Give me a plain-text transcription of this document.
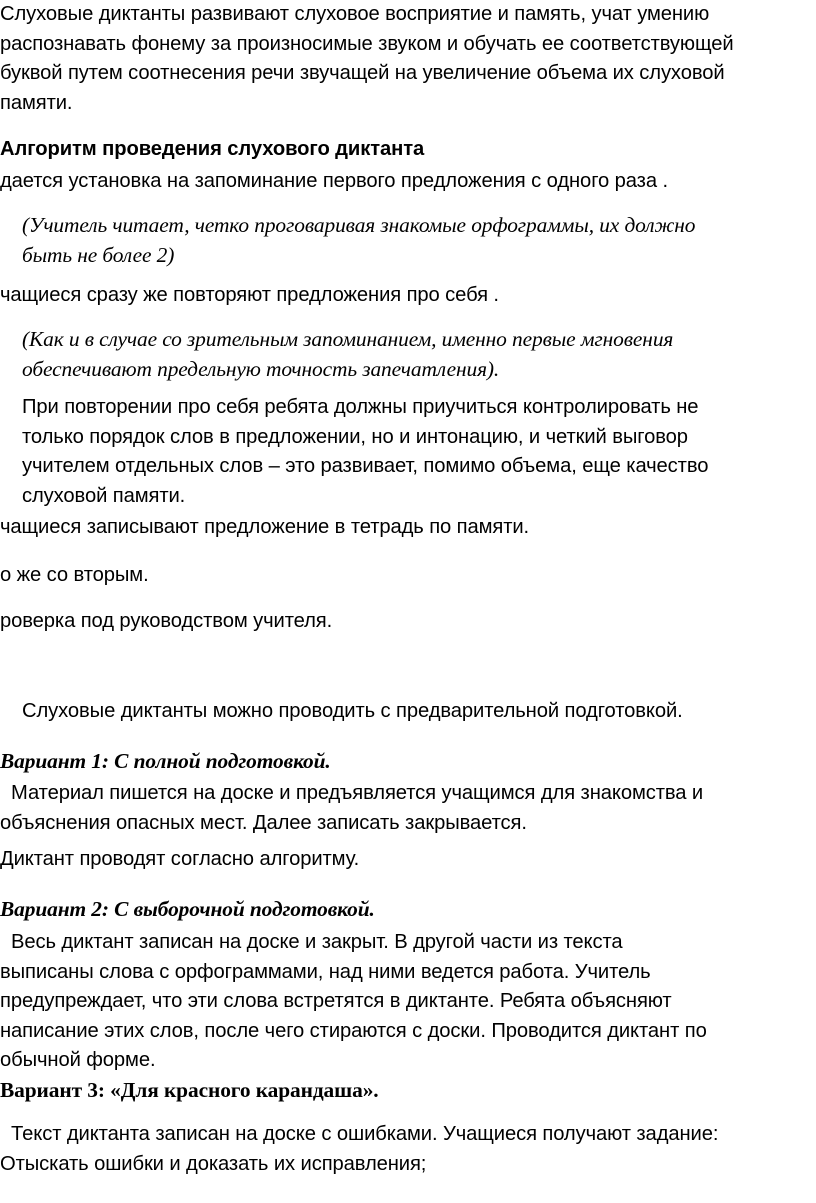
Слуховые диктанты развивают слуховое восприятие и память, учат умению
распознавать фонему за произносимые звуком и обучать ее соответствующей
буквой путем соотнесения речи звучащей на увеличение объема их слуховой
памяти.
Алгоритм проведения слухового диктанта
дается установка на запоминание первого предложения с одного раза .
(Учитель читает, четко проговаривая знакомые орфограммы, их должно
быть не более 2)
чащиеся сразу же повторяют предложения про себя .
(Как и в случае со зрительным запоминанием, именно первые мгновения
обеспечивают предельную точность запечатления).
При повторении про себя ребята должны приучиться контролировать не
только порядок слов в предложении, но и интонацию, и четкий выговор
учителем отдельных слов – это развивает, помимо объема, еще качество
слуховой памяти.
чащиеся записывают предложение в тетрадь по памяти.
о же со вторым.
роверка под руководством учителя.
Слуховые диктанты можно проводить с предварительной подготовкой.
Вариант 1: С полной подготовкой.
Материал пишется на доске и предъявляется учащимся для знакомства и
объяснения опасных мест. Далее записать закрывается.
Диктант проводят согласно алгоритму.
Вариант 2: С выборочной подготовкой.
Весь диктант записан на доске и закрыт. В другой части из текста
выписаны слова с орфограммами, над ними ведется работа. Учитель
предупреждает, что эти слова встретятся в диктанте. Ребята объясняют
написание этих слов, после чего стираются с доски. Проводится диктант по
обычной форме.
Вариант 3: «Для красного карандаша».
Текст диктанта записан на доске с ошибками. Учащиеся получают задание:
Отыскать ошибки и доказать их исправления;
